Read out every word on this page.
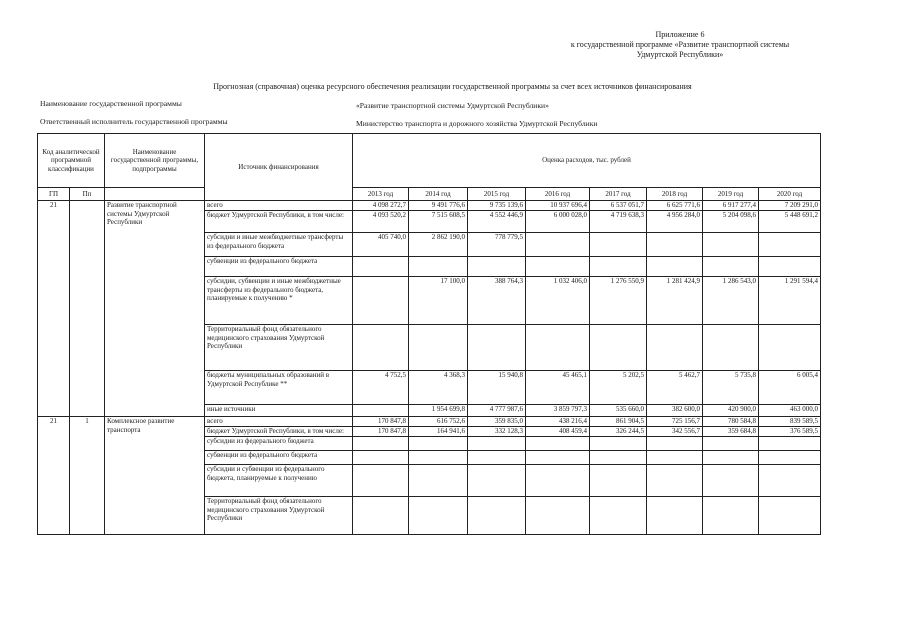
Приложение 6
к государственной программе «Развитие транспортной системы
Удмуртской Республики»
Прогнозная (справочная) оценка ресурсного обеспечения реализации государственной программы за счет всех источников финансирования
Наименование государственной программы	«Развитие транспортной системы Удмуртской Республики»
Ответственный исполнитель государственной программы	Министерство транспорта и дорожного хозяйства Удмуртской Республики
Код аналитической программной классификации		Наименование государственной программы, подпрограммы	Источник финансирования	Оценка расходов, тыс. рублей							

ГП	Пп			2013 год	2014 год	2015 год	2016 год	2017 год	2018 год	2019 год	2020 год
21		Развитие транспортной системы Удмуртской Республики	всего	4 098 272,7	9 491 776,6	9 735 139,6	10 937 696,4	6 537 051,7	6 625 771,6	6 917 277,4	7 209 291,0
			бюджет Удмуртской Республики, в том числе:	4 093 520,2	7 515 608,5	4 552 446,9	6 000 028,0	4 719 638,3	4 956 284,0	5 204 098,6	5 448 691,2
			субсидии и иные межбюджетные трансферты из федерального бюджета	405 740,0	2 862 190,0	778 779,5					
			субвенции из федерального бюджета								
			субсидии, субвенции и иные межбюджетные трансферты из федерального бюджета, планируемые к получению *		17 100,0	388 764,3	1 032 406,0	1 276 550,9	1 281 424,9	1 286 543,0	1 291 594,4
			Территориальный фонд обязательного медицинского страхования Удмуртской Республики								
			бюджеты муниципальных образований в Удмуртской Республике **	4 752,5	4 368,3	15 940,8	45 465,1	5 202,5	5 462,7	5 735,8	6 005,4
			иные источники		1 954 699,8	4 777 987,6	3 859 797,3	535 660,0	382 600,0	420 900,0	463 000,0
21	1	Комплексное развитие транспорта	всего	170 847,8	616 752,6	359 835,0	438 216,4	861 904,5	725 156,7	780 584,8	839 589,5
			бюджет Удмуртской Республики, в том числе:	170 847,8	164 941,6	332 128,3	408 459,4	326 244,5	342 556,7	359 684,8	376 589,5
			субсидии из федерального бюджета								
			субвенции из федерального бюджета								
			субсидии и субвенции из федерального бюджета, планируемые к получению								
			Территориальный фонд обязательного медицинского страхования Удмуртской Республики								
